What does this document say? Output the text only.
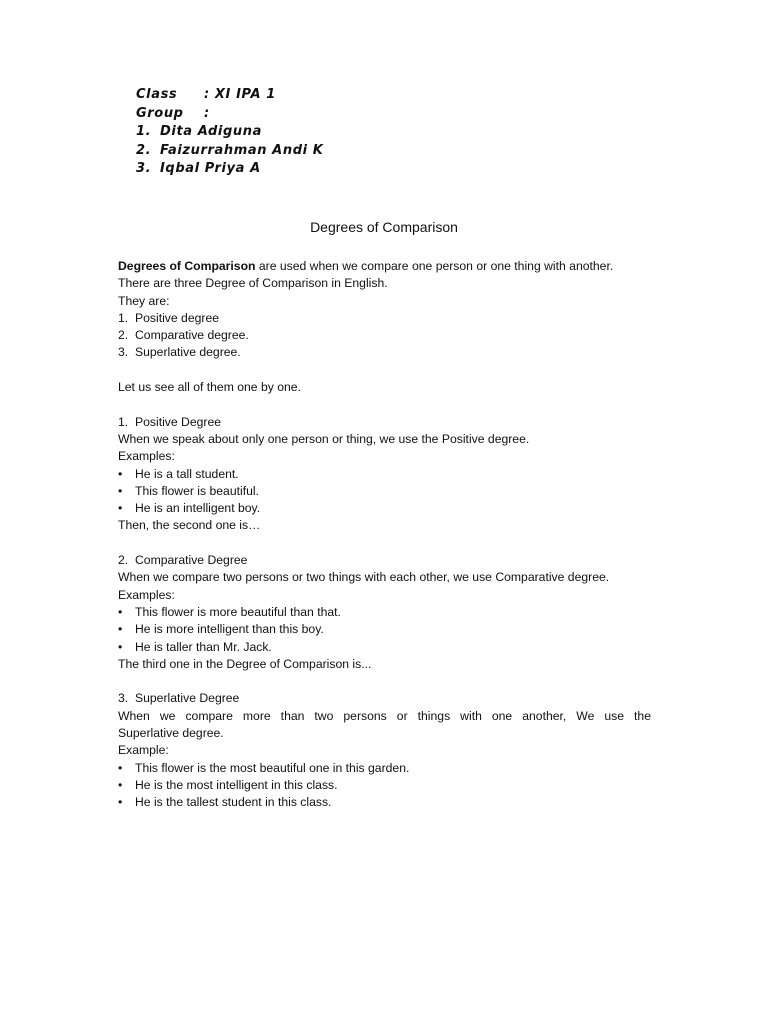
Class	: XI IPA 1
Group	:
1. Dita Adiguna
2. Faizurrahman Andi K
3. Iqbal Priya A
Degrees of Comparison
Degrees of Comparison are used when we compare one person or one thing with another.
There are three Degree of Comparison in English.
They are:
1. Positive degree
2. Comparative degree.
3. Superlative degree.
Let us see all of them one by one.
1. Positive Degree
When we speak about only one person or thing, we use the Positive degree.
Examples:
•	He is a tall student.
•	This flower is beautiful.
•	He is an intelligent boy.
Then, the second one is…
2. Comparative Degree
When we compare two persons or two things with each other, we use Comparative degree.
Examples:
•	This flower is more beautiful than that.
•	He is more intelligent than this boy.
•	He is taller than Mr. Jack.
The third one in the Degree of Comparison is...
3. Superlative Degree
When we compare more than two persons or things with one another, We use the
Superlative degree.
Example:
•	This flower is the most beautiful one in this garden.
•	He is the most intelligent in this class.
•	He is the tallest student in this class.
